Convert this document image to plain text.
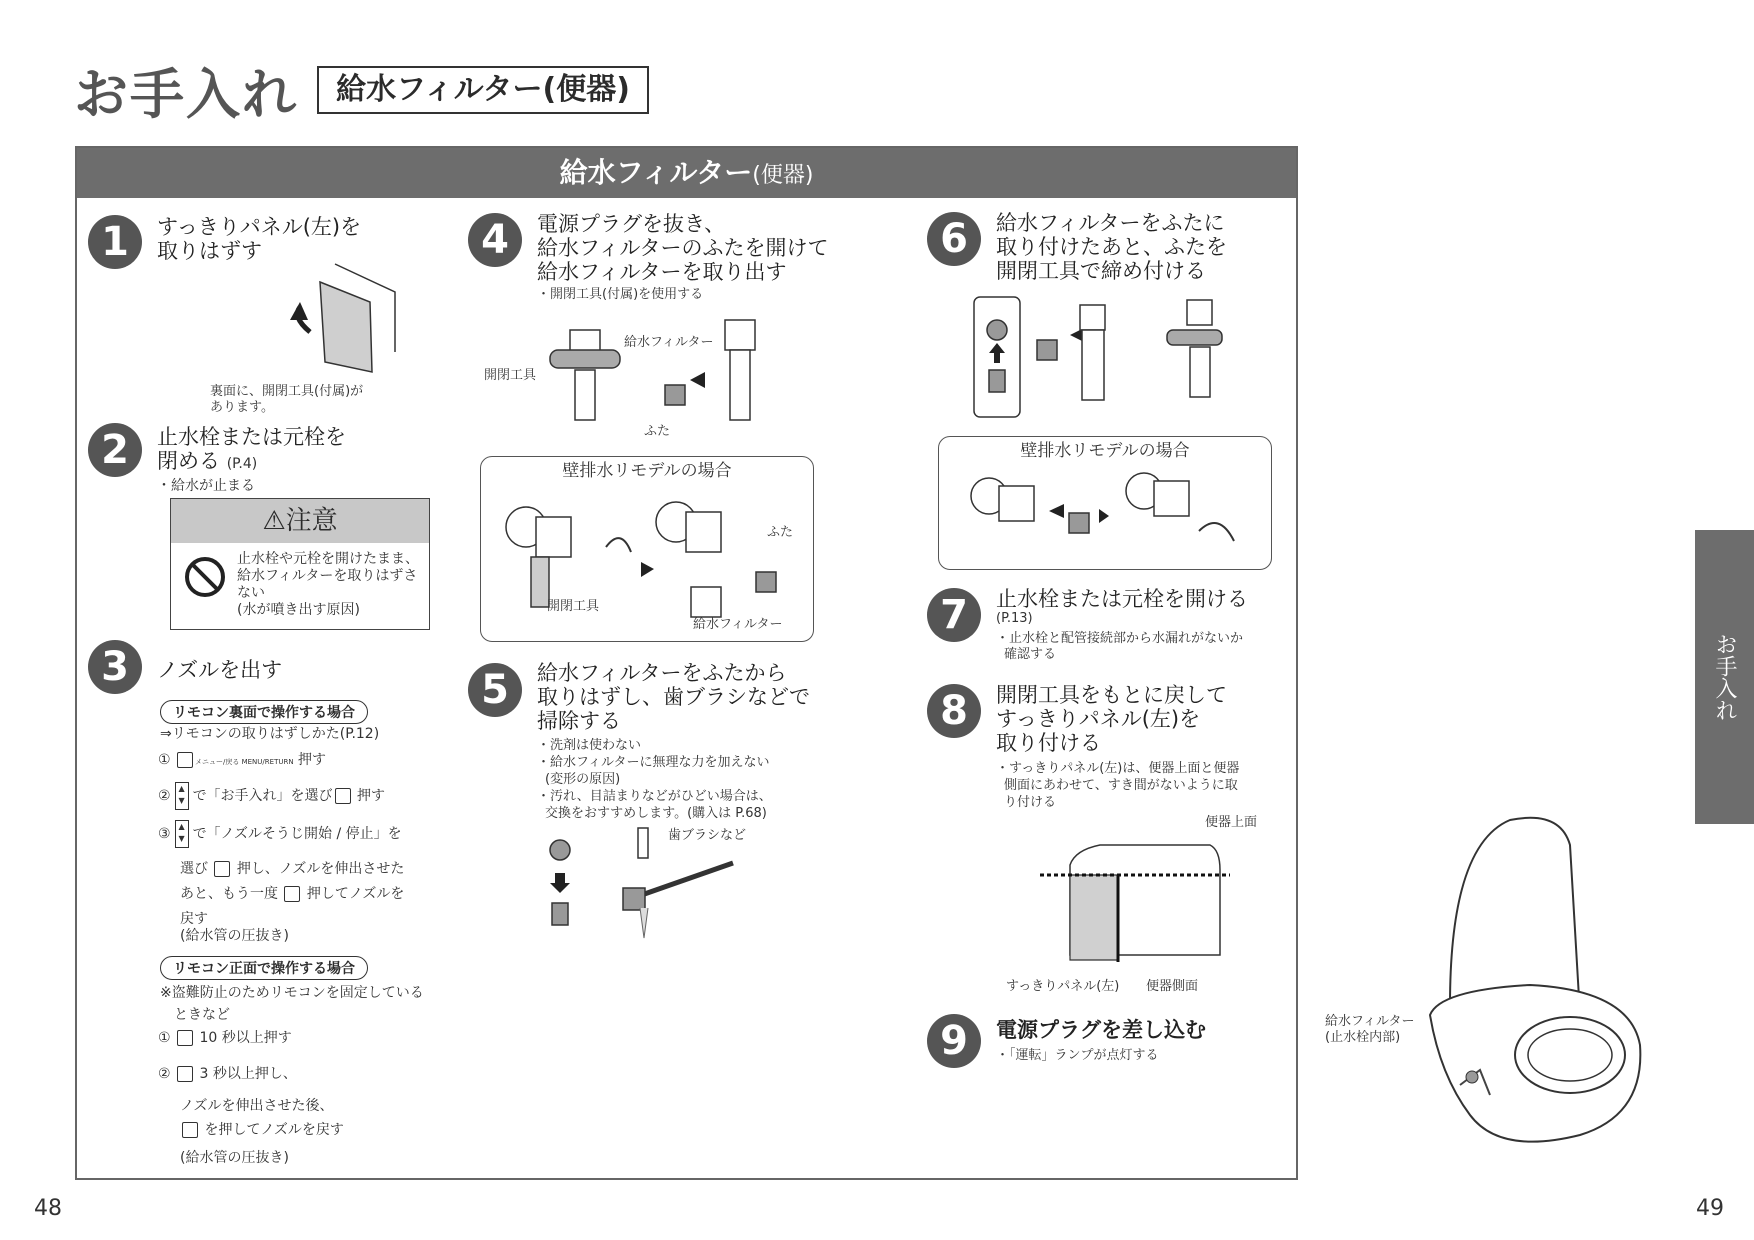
お手入れ	給水フィルター(便器)
給水フィルター(便器)
1	すっきりパネル(左)を
取りはずす
裏面に、開閉工具(付属)が
あります。
2	止水栓または元栓を
閉める (P.4)
・給水が止まる
⚠注意
止水栓や元栓を開けたまま、
給水フィルターを取りはずさ
ない
(水が噴き出す原因)
3	ノズルを出す
リモコン裏面で操作する場合
⇒リモコンの取りはずしかた(P.12)
①	メニュー/戻る MENU/RETURN 押す
② ▲
▼ で「お手入れ」を選び 押す
③ ▲
▼ で「ノズルそうじ開始 / 停止」を
選び 押し、ノズルを伸出させた
あと、もう一度 押してノズルを
戻す
(給水管の圧抜き)
リモコン正面で操作する場合
※盗難防止のためリモコンを固定している
ときなど
① 10 秒以上押す
② 3 秒以上押し、
ノズルを伸出させた後、
を押してノズルを戻す
(給水管の圧抜き)
4	電源プラグを抜き、
給水フィルターのふたを開けて
給水フィルターを取り出す
・開閉工具(付属)を使用する
開閉工具
給水フィルター
ふた
壁排水リモデルの場合
開閉工具
ふた
給水フィルター
5	給水フィルターをふたから
取りはずし、歯ブラシなどで
掃除する
・洗剤は使わない
・給水フィルターに無理な力を加えない
(変形の原因)
・汚れ、目詰まりなどがひどい場合は、
交換をおすすめします。(購入は P.68)
歯ブラシなど
6	給水フィルターをふたに
取り付けたあと、ふたを
開閉工具で締め付ける
壁排水リモデルの場合
7	止水栓または元栓を開ける
(P.13)
・止水栓と配管接続部から水漏れがないか
確認する
8	開閉工具をもとに戻して
すっきりパネル(左)を
取り付ける
・すっきりパネル(左)は、便器上面と便器
側面にあわせて、すき間がないように取
り付ける
便器上面
すっきりパネル(左) 便器側面
9	電源プラグを差し込む
・「運転」ランプが点灯する
給水フィルター
(止水栓内部)
お手入れ
48	49
